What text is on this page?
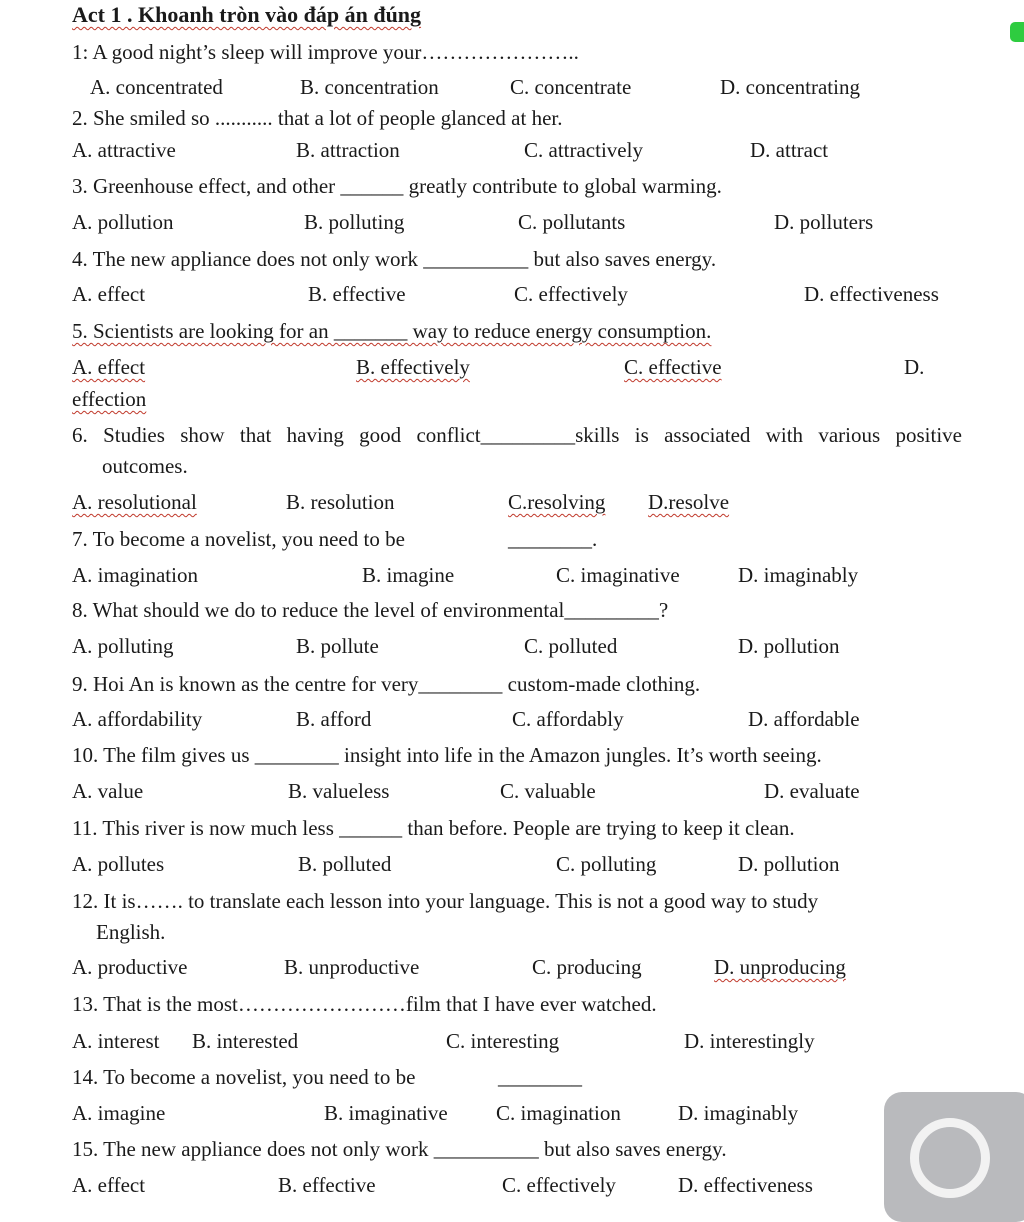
Act 1 . Khoanh tròn vào đáp án đúng
1: A good night’s sleep will improve your…………………..
A. concentrated	B. concentration	C. concentrate	D. concentrating
2. She smiled so ........... that a lot of people glanced at her.
A. attractive	B. attraction	C. attractively	D. attract
3. Greenhouse effect, and other ______ greatly contribute to global warming.
A. pollution	B. polluting	C. pollutants	D. polluters
4. The new appliance does not only work __________ but also saves energy.
A. effect	B. effective	C. effectively	D. effectiveness
5. Scientists are looking for an _______ way to reduce energy consumption.
A. effect	B. effectively	C. effective	D.
effection
6. Studies show that having good conflict_________skills is associated with various positive
outcomes.
A. resolutional	B. resolution	C.resolving D.resolve
7. To become a novelist, you need to be	________.
A. imagination	B. imagine	C. imaginative	D. imaginably
8. What should we do to reduce the level of environmental_________?
A. polluting	B. pollute	C. polluted	D. pollution
9. Hoi An is known as the centre for very________ custom-made clothing.
A. affordability	B. afford	C. affordably	D. affordable
10. The film gives us ________ insight into life in the Amazon jungles. It’s worth seeing.
A. value	B. valueless	C. valuable	D. evaluate
11. This river is now much less ______ than before. People are trying to keep it clean.
A. pollutes	B. polluted	C. polluting	D. pollution
12. It is……. to translate each lesson into your language. This is not a good way to study
English.
A. productive	B. unproductive	C. producing	D. unproducing
13. That is the most……………………film that I have ever watched.
A. interest B. interested	C. interesting	D. interestingly
14. To become a novelist, you need to be	________
A. imagine	B. imaginative C. imagination	D. imaginably
15. The new appliance does not only work __________ but also saves energy.
A. effect	B. effective	C. effectively	D. effectiveness
